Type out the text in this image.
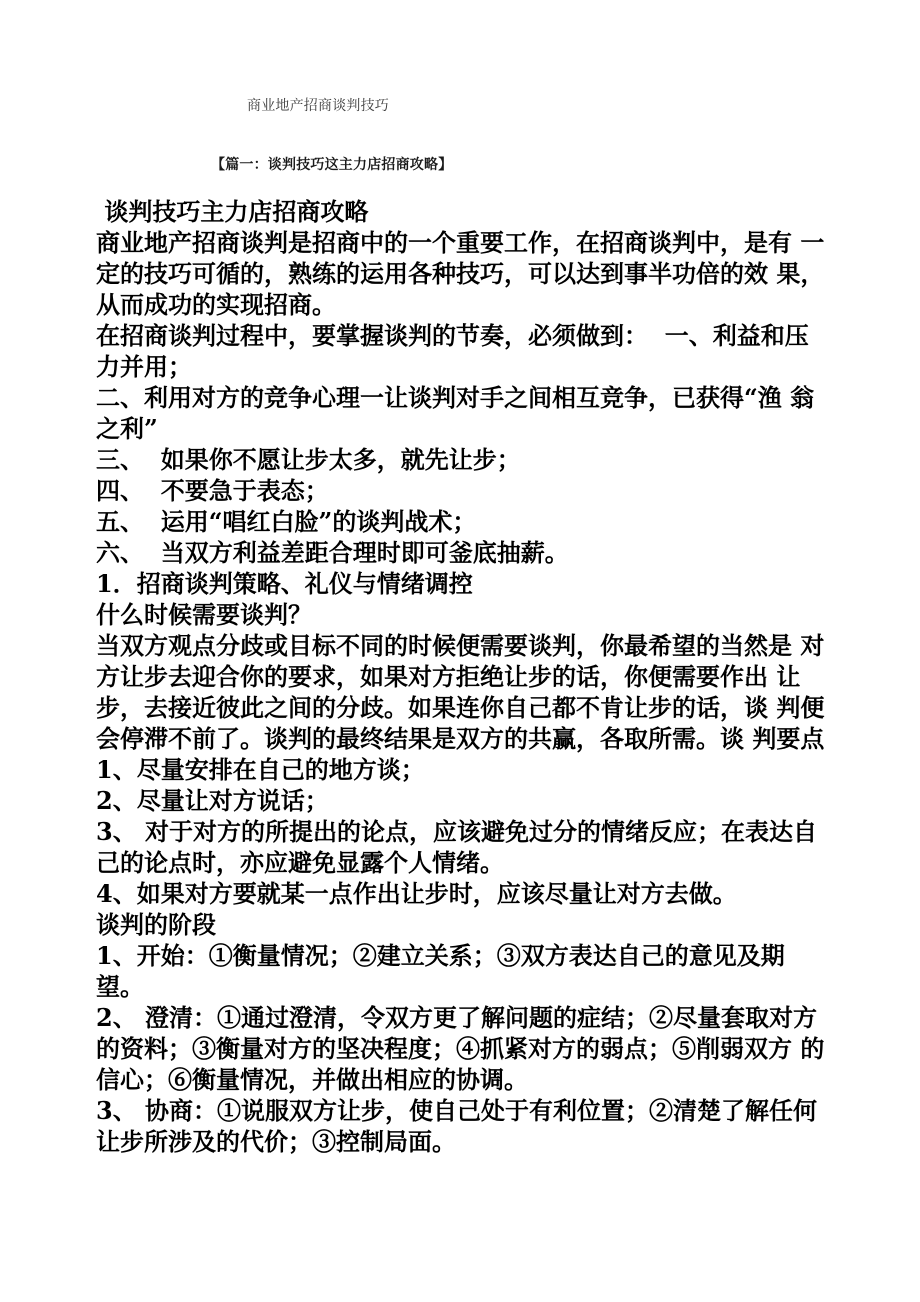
商业地产招商谈判技巧
【篇一：谈判技巧这主力店招商攻略】

谈判技巧主力店招商攻略

商业地产招商谈判是招商中的一个重要工作，在招商谈判中，是有 一定的技巧可循的，熟练的运用各种技巧，可以达到事半功倍的效 果，从而成功的实现招商。

在招商谈判过程中，要掌握谈判的节奏，必须做到：  一、利益和压力并用；

二、利用对方的竞争心理一让谈判对手之间相互竞争，已获得“渔 翁之利”

三、  如果你不愿让步太多，就先让步；

四、  不要急于表态；

五、  运用“唱红白脸”的谈判战术；

六、  当双方利益差距合理时即可釜底抽薪。

1．招商谈判策略、礼仪与情绪调控

什么时候需要谈判？

当双方观点分歧或目标不同的时候便需要谈判，你最希望的当然是 对方让步去迎合你的要求，如果对方拒绝让步的话，你便需要作出 让步，去接近彼此之间的分歧。如果连你自己都不肯让步的话，谈 判便会停滞不前了。谈判的最终结果是双方的共赢，各取所需。谈 判要点

1、尽量安排在自己的地方谈；

2、尽量让对方说话；

3、 对于对方的所提出的论点，应该避免过分的情绪反应；在表达自 己的论点时，亦应避免显露个人情绪。

4、如果对方要就某一点作出让步时，应该尽量让对方去做。

谈判的阶段

1、开始：①衡量情况；②建立关系；③双方表达自己的意见及期望。

2、 澄清：①通过澄清，令双方更了解问题的症结；②尽量套取对方 的资料；③衡量对方的坚决程度；④抓紧对方的弱点；⑤削弱双方 的信心；⑥衡量情况，并做出相应的协调。

3、 协商：①说服双方让步，使自己处于有利位置；②清楚了解任何 让步所涉及的代价；③控制局面。
